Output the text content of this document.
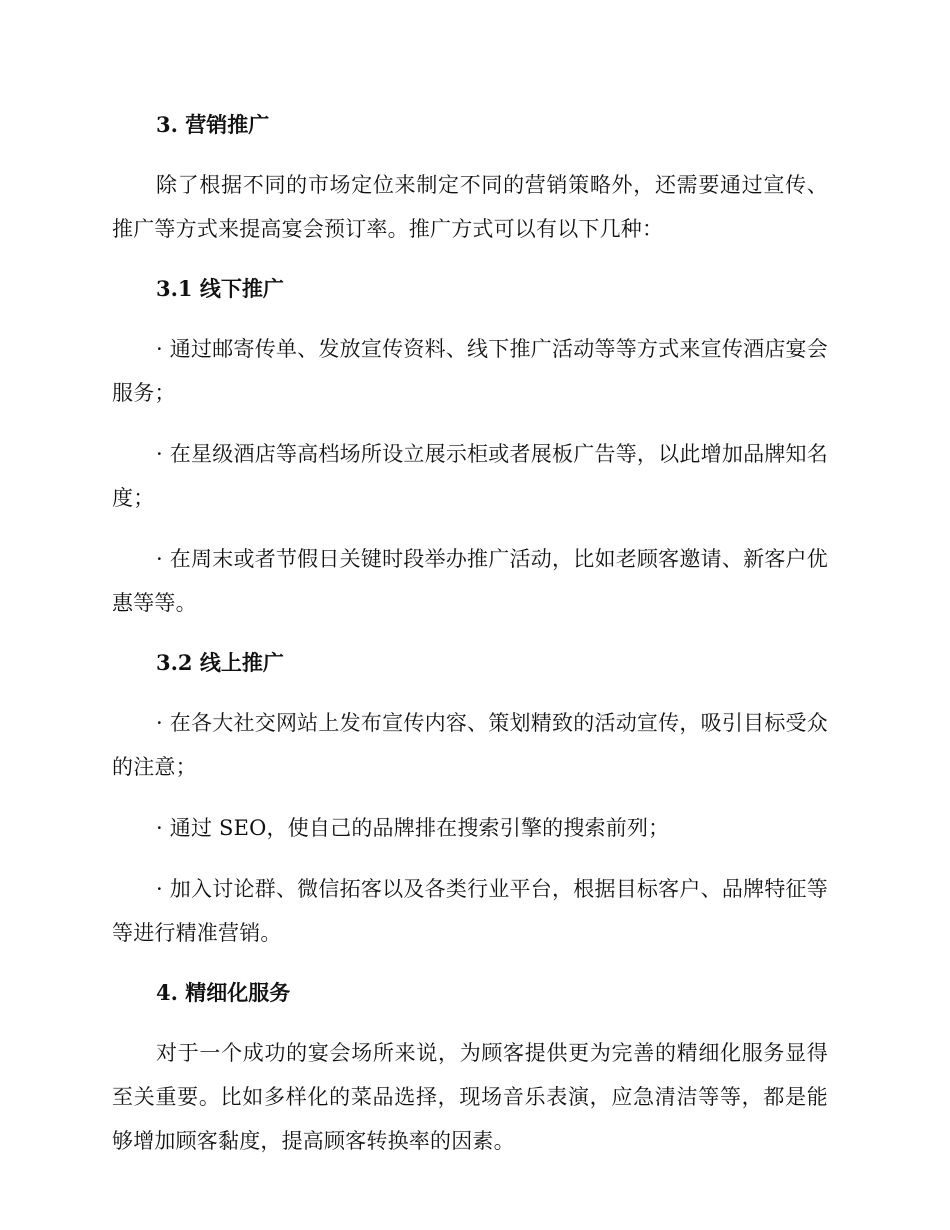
3. 营销推广

除了根据不同的市场定位来制定不同的营销策略外，还需要通过宣传、推广等方式来提高宴会预订率。推广方式可以有以下几种：

3.1 线下推广

· 通过邮寄传单、发放宣传资料、线下推广活动等等方式来宣传酒店宴会服务；

· 在星级酒店等高档场所设立展示柜或者展板广告等，以此增加品牌知名度；

· 在周末或者节假日关键时段举办推广活动，比如老顾客邀请、新客户优惠等等。

3.2 线上推广

· 在各大社交网站上发布宣传内容、策划精致的活动宣传，吸引目标受众的注意；

· 通过 SEO，使自己的品牌排在搜索引擎的搜索前列；

· 加入讨论群、微信拓客以及各类行业平台，根据目标客户、品牌特征等等进行精准营销。

4. 精细化服务

对于一个成功的宴会场所来说，为顾客提供更为完善的精细化服务显得至关重要。比如多样化的菜品选择，现场音乐表演，应急清洁等等，都是能够增加顾客黏度，提高顾客转换率的因素。
